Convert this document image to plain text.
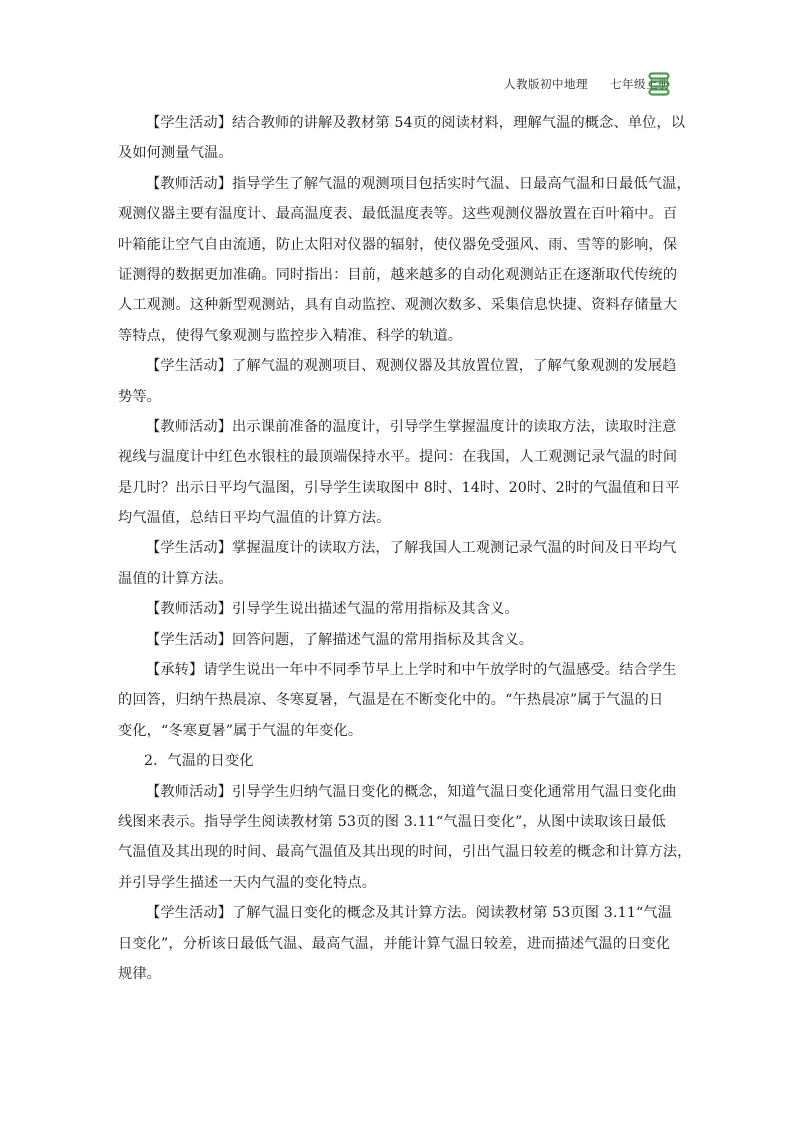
人教版初中地理 七年级上册
【学生活动】结合教师的讲解及教材第 54页的阅读材料，理解气温的概念、单位，以
及如何测量气温。
【教师活动】指导学生了解气温的观测项目包括实时气温、日最高气温和日最低气温，
观测仪器主要有温度计、最高温度表、最低温度表等。这些观测仪器放置在百叶箱中。百
叶箱能让空气自由流通，防止太阳对仪器的辐射，使仪器免受强风、雨、雪等的影响，保
证测得的数据更加准确。同时指出：目前，越来越多的自动化观测站正在逐渐取代传统的
人工观测。这种新型观测站，具有自动监控、观测次数多、采集信息快捷、资料存储量大
等特点，使得气象观测与监控步入精准、科学的轨道。
【学生活动】了解气温的观测项目、观测仪器及其放置位置，了解气象观测的发展趋
势等。
【教师活动】出示课前准备的温度计，引导学生掌握温度计的读取方法，读取时注意
视线与温度计中红色水银柱的最顶端保持水平。提问：在我国，人工观测记录气温的时间
是几时？出示日平均气温图，引导学生读取图中 8时、14时、20时、2时的气温值和日平
均气温值，总结日平均气温值的计算方法。
【学生活动】掌握温度计的读取方法，了解我国人工观测记录气温的时间及日平均气
温值的计算方法。
【教师活动】引导学生说出描述气温的常用指标及其含义。
【学生活动】回答问题，了解描述气温的常用指标及其含义。
【承转】请学生说出一年中不同季节早上上学时和中午放学时的气温感受。结合学生
的回答，归纳午热晨凉、冬寒夏暑，气温是在不断变化中的。“午热晨凉”属于气温的日
变化，“冬寒夏暑”属于气温的年变化。
2．气温的日变化
【教师活动】引导学生归纳气温日变化的概念，知道气温日变化通常用气温日变化曲
线图来表示。指导学生阅读教材第 53页的图 3.11“气温日变化”，从图中读取该日最低
气温值及其出现的时间、最高气温值及其出现的时间，引出气温日较差的概念和计算方法，
并引导学生描述一天内气温的变化特点。
【学生活动】了解气温日变化的概念及其计算方法。阅读教材第 53页图 3.11“气温
日变化”，分析该日最低气温、最高气温，并能计算气温日较差，进而描述气温的日变化
规律。
